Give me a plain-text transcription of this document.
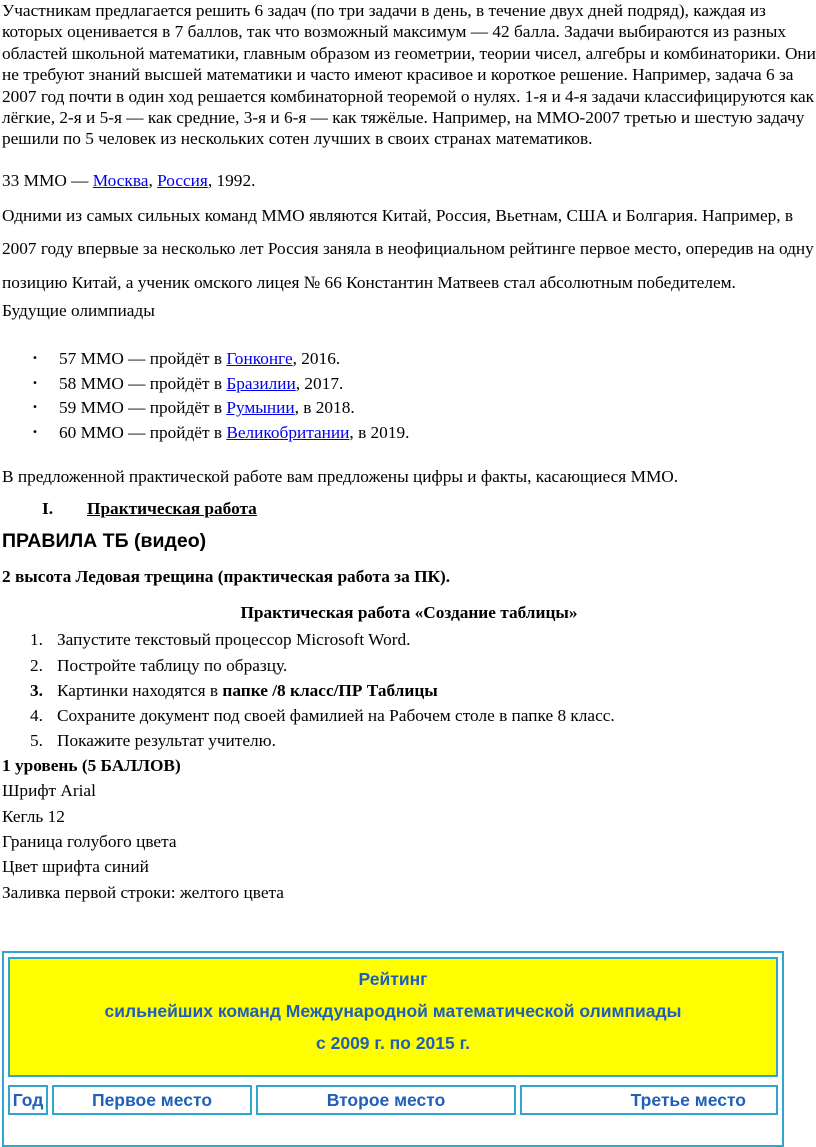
Участникам предлагается решить 6 задач (по три задачи в день, в течение двух дней подряд), каждая из которых оценивается в 7 баллов, так что возможный максимум — 42 балла. Задачи выбираются из разных областей школьной математики, главным образом из геометрии, теории чисел, алгебры и комбинаторики. Они не требуют знаний высшей математики и часто имеют красивое и короткое решение. Например, задача 6 за 2007 год почти в один ход решается комбинаторной теоремой о нулях. 1-я и 4-я задачи классифицируются как лёгкие, 2-я и 5-я — как средние, 3-я и 6-я — как тяжёлые. Например, на ММО-2007 третью и шестую задачу решили по 5 человек из нескольких сотен лучших в своих странах математиков.

33 ММО — Москва, Россия, 1992.

Одними из самых сильных команд ММО являются Китай, Россия, Вьетнам, США и Болгария. Например, в 2007 году впервые за несколько лет Россия заняла в неофициальном рейтинге первое место, опередив на одну позицию Китай, а ученик омского лицея № 66 Константин Матвеев стал абсолютным победителем.

Будущие олимпиады

• 57 ММО — пройдёт в Гонконге, 2016.
• 58 ММО — пройдёт в Бразилии, 2017.
• 59 ММО — пройдёт в Румынии, в 2018.
• 60 ММО — пройдёт в Великобритании, в 2019.

В предложенной практической работе вам предложены цифры и факты, касающиеся ММО.

I. Практическая работа

ПРАВИЛА ТБ (видео)

2 высота Ледовая трещина (практическая работа за ПК).

Практическая работа «Создание таблицы»

1. Запустите текстовый процессор Microsoft Word.
2. Постройте таблицу по образцу.
3. Картинки находятся в папке /8 класс/ПР Таблицы
4. Сохраните документ под своей фамилией на Рабочем столе в папке 8 класс.
5. Покажите результат учителю.

1 уровень (5 БАЛЛОВ)

Шрифт Arial

Кегль 12

Граница голубого цвета

Цвет шрифта синий

Заливка первой строки: желтого цвета

Рейтинг
сильнейших команд Международной математической олимпиады
с 2009 г. по 2015 г.
Год	Первое место	Второе место	Третье место
